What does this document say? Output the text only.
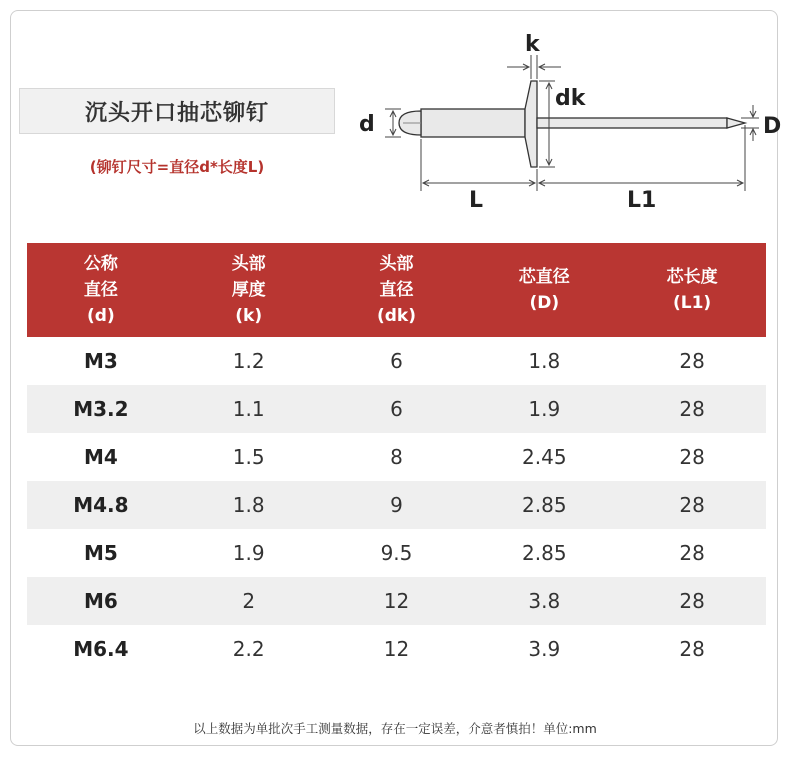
沉头开口抽芯铆钉
(铆钉尺寸=直径d*长度L)
k
dk
d	D
L	L1
公称
直径
(d)
头部
厚度
(k)
头部
直径
(dk)
芯直径
(D)
芯长度
(L1)
M3	1.2	6	1.8	28
M3.2	1.1	6	1.9	28
M4	1.5	8	2.45	28
M4.8	1.8	9	2.85	28
M5	1.9	9.5	2.85	28
M6	2	12	3.8	28
M6.4	2.2	12	3.9	28
以上数据为单批次手工测量数据，存在一定误差，介意者慎拍！单位:mm
